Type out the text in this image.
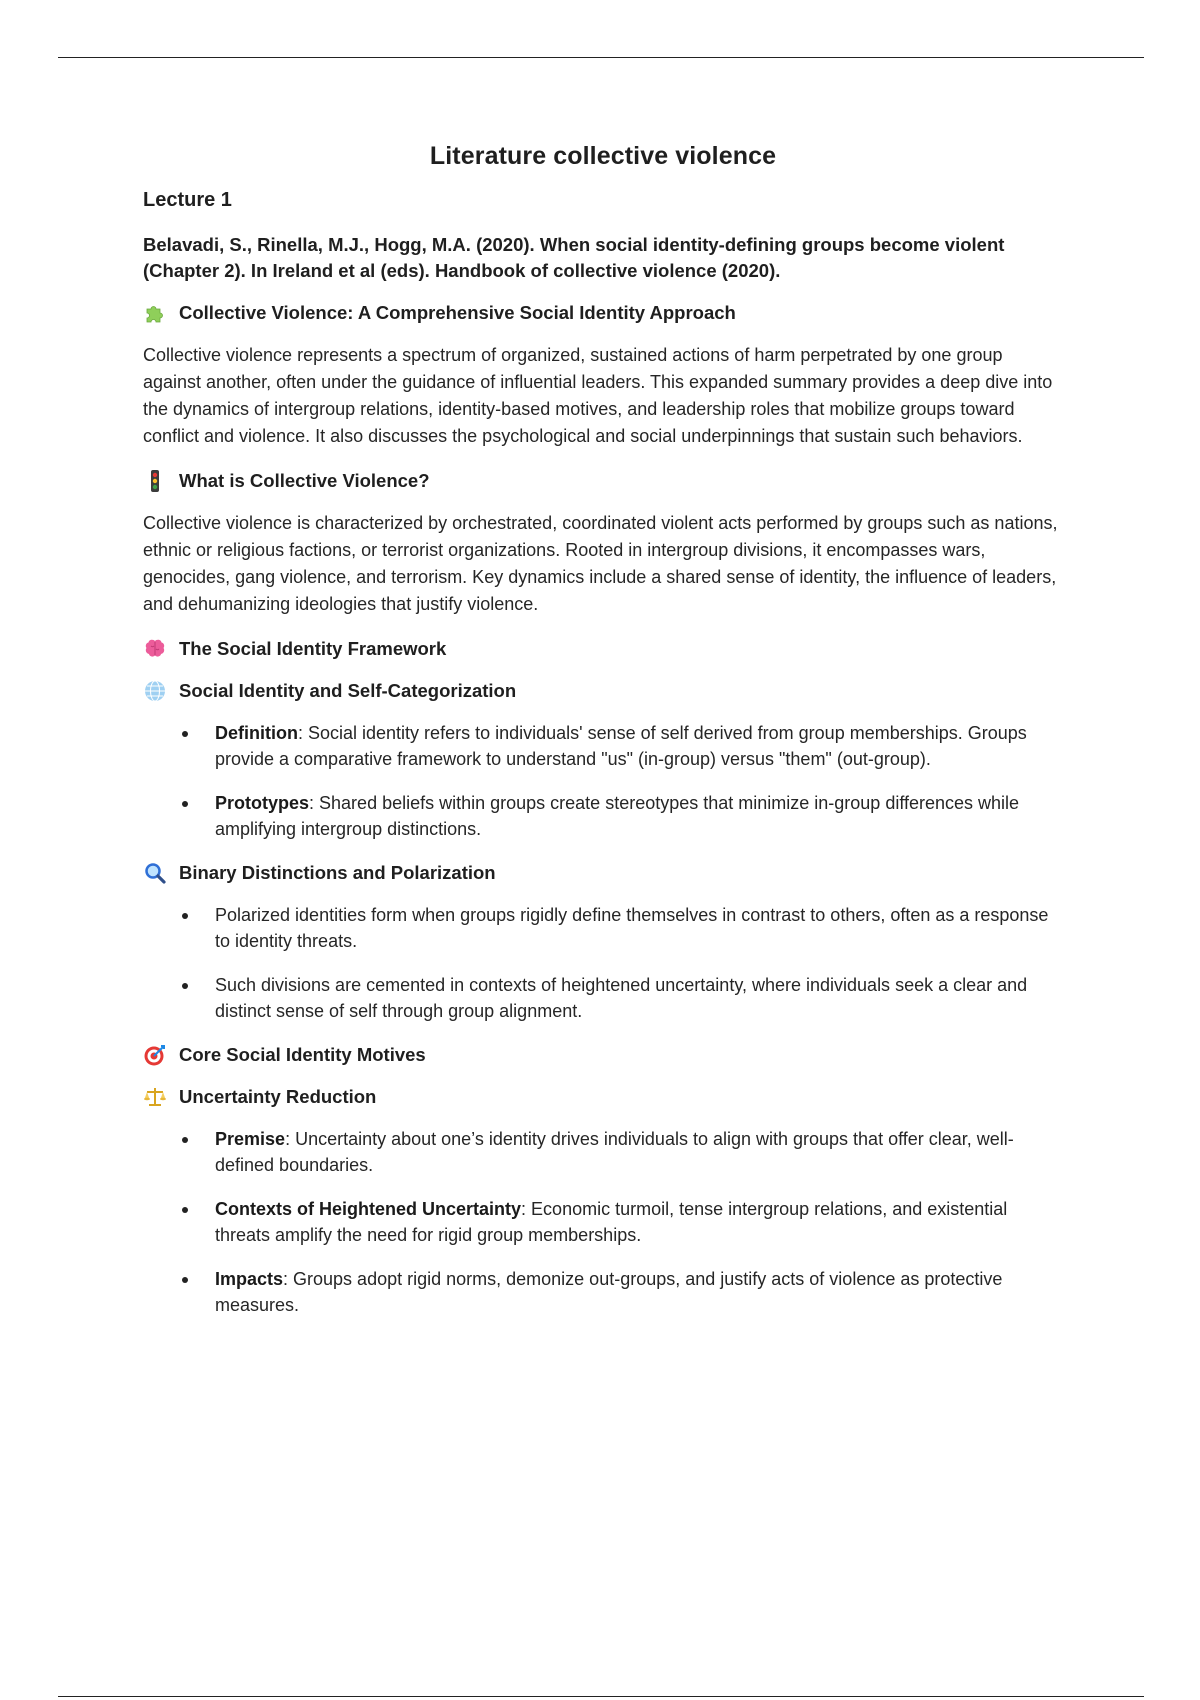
Literature collective violence
Lecture 1

Belavadi, S., Rinella, M.J., Hogg, M.A. (2020). When social identity-defining groups become violent (Chapter 2). In Ireland et al (eds). Handbook of collective violence (2020).

Collective Violence: A Comprehensive Social Identity Approach

Collective violence represents a spectrum of organized, sustained actions of harm perpetrated by one group against another, often under the guidance of influential leaders. This expanded summary provides a deep dive into the dynamics of intergroup relations, identity-based motives, and leadership roles that mobilize groups toward conflict and violence. It also discusses the psychological and social underpinnings that sustain such behaviors.

What is Collective Violence?

Collective violence is characterized by orchestrated, coordinated violent acts performed by groups such as nations, ethnic or religious factions, or terrorist organizations. Rooted in intergroup divisions, it encompasses wars, genocides, gang violence, and terrorism. Key dynamics include a shared sense of identity, the influence of leaders, and dehumanizing ideologies that justify violence.

The Social Identity Framework
Social Identity and Self-Categorization
Definition: Social identity refers to individuals' sense of self derived from group memberships. Groups provide a comparative framework to understand "us" (in-group) versus "them" (out-group).
Prototypes: Shared beliefs within groups create stereotypes that minimize in-group differences while amplifying intergroup distinctions.
Binary Distinctions and Polarization
Polarized identities form when groups rigidly define themselves in contrast to others, often as a response to identity threats.
Such divisions are cemented in contexts of heightened uncertainty, where individuals seek a clear and distinct sense of self through group alignment.
Core Social Identity Motives
Uncertainty Reduction
Premise: Uncertainty about one’s identity drives individuals to align with groups that offer clear, well-defined boundaries.
Contexts of Heightened Uncertainty: Economic turmoil, tense intergroup relations, and existential threats amplify the need for rigid group memberships.
Impacts: Groups adopt rigid norms, demonize out-groups, and justify acts of violence as protective measures.
